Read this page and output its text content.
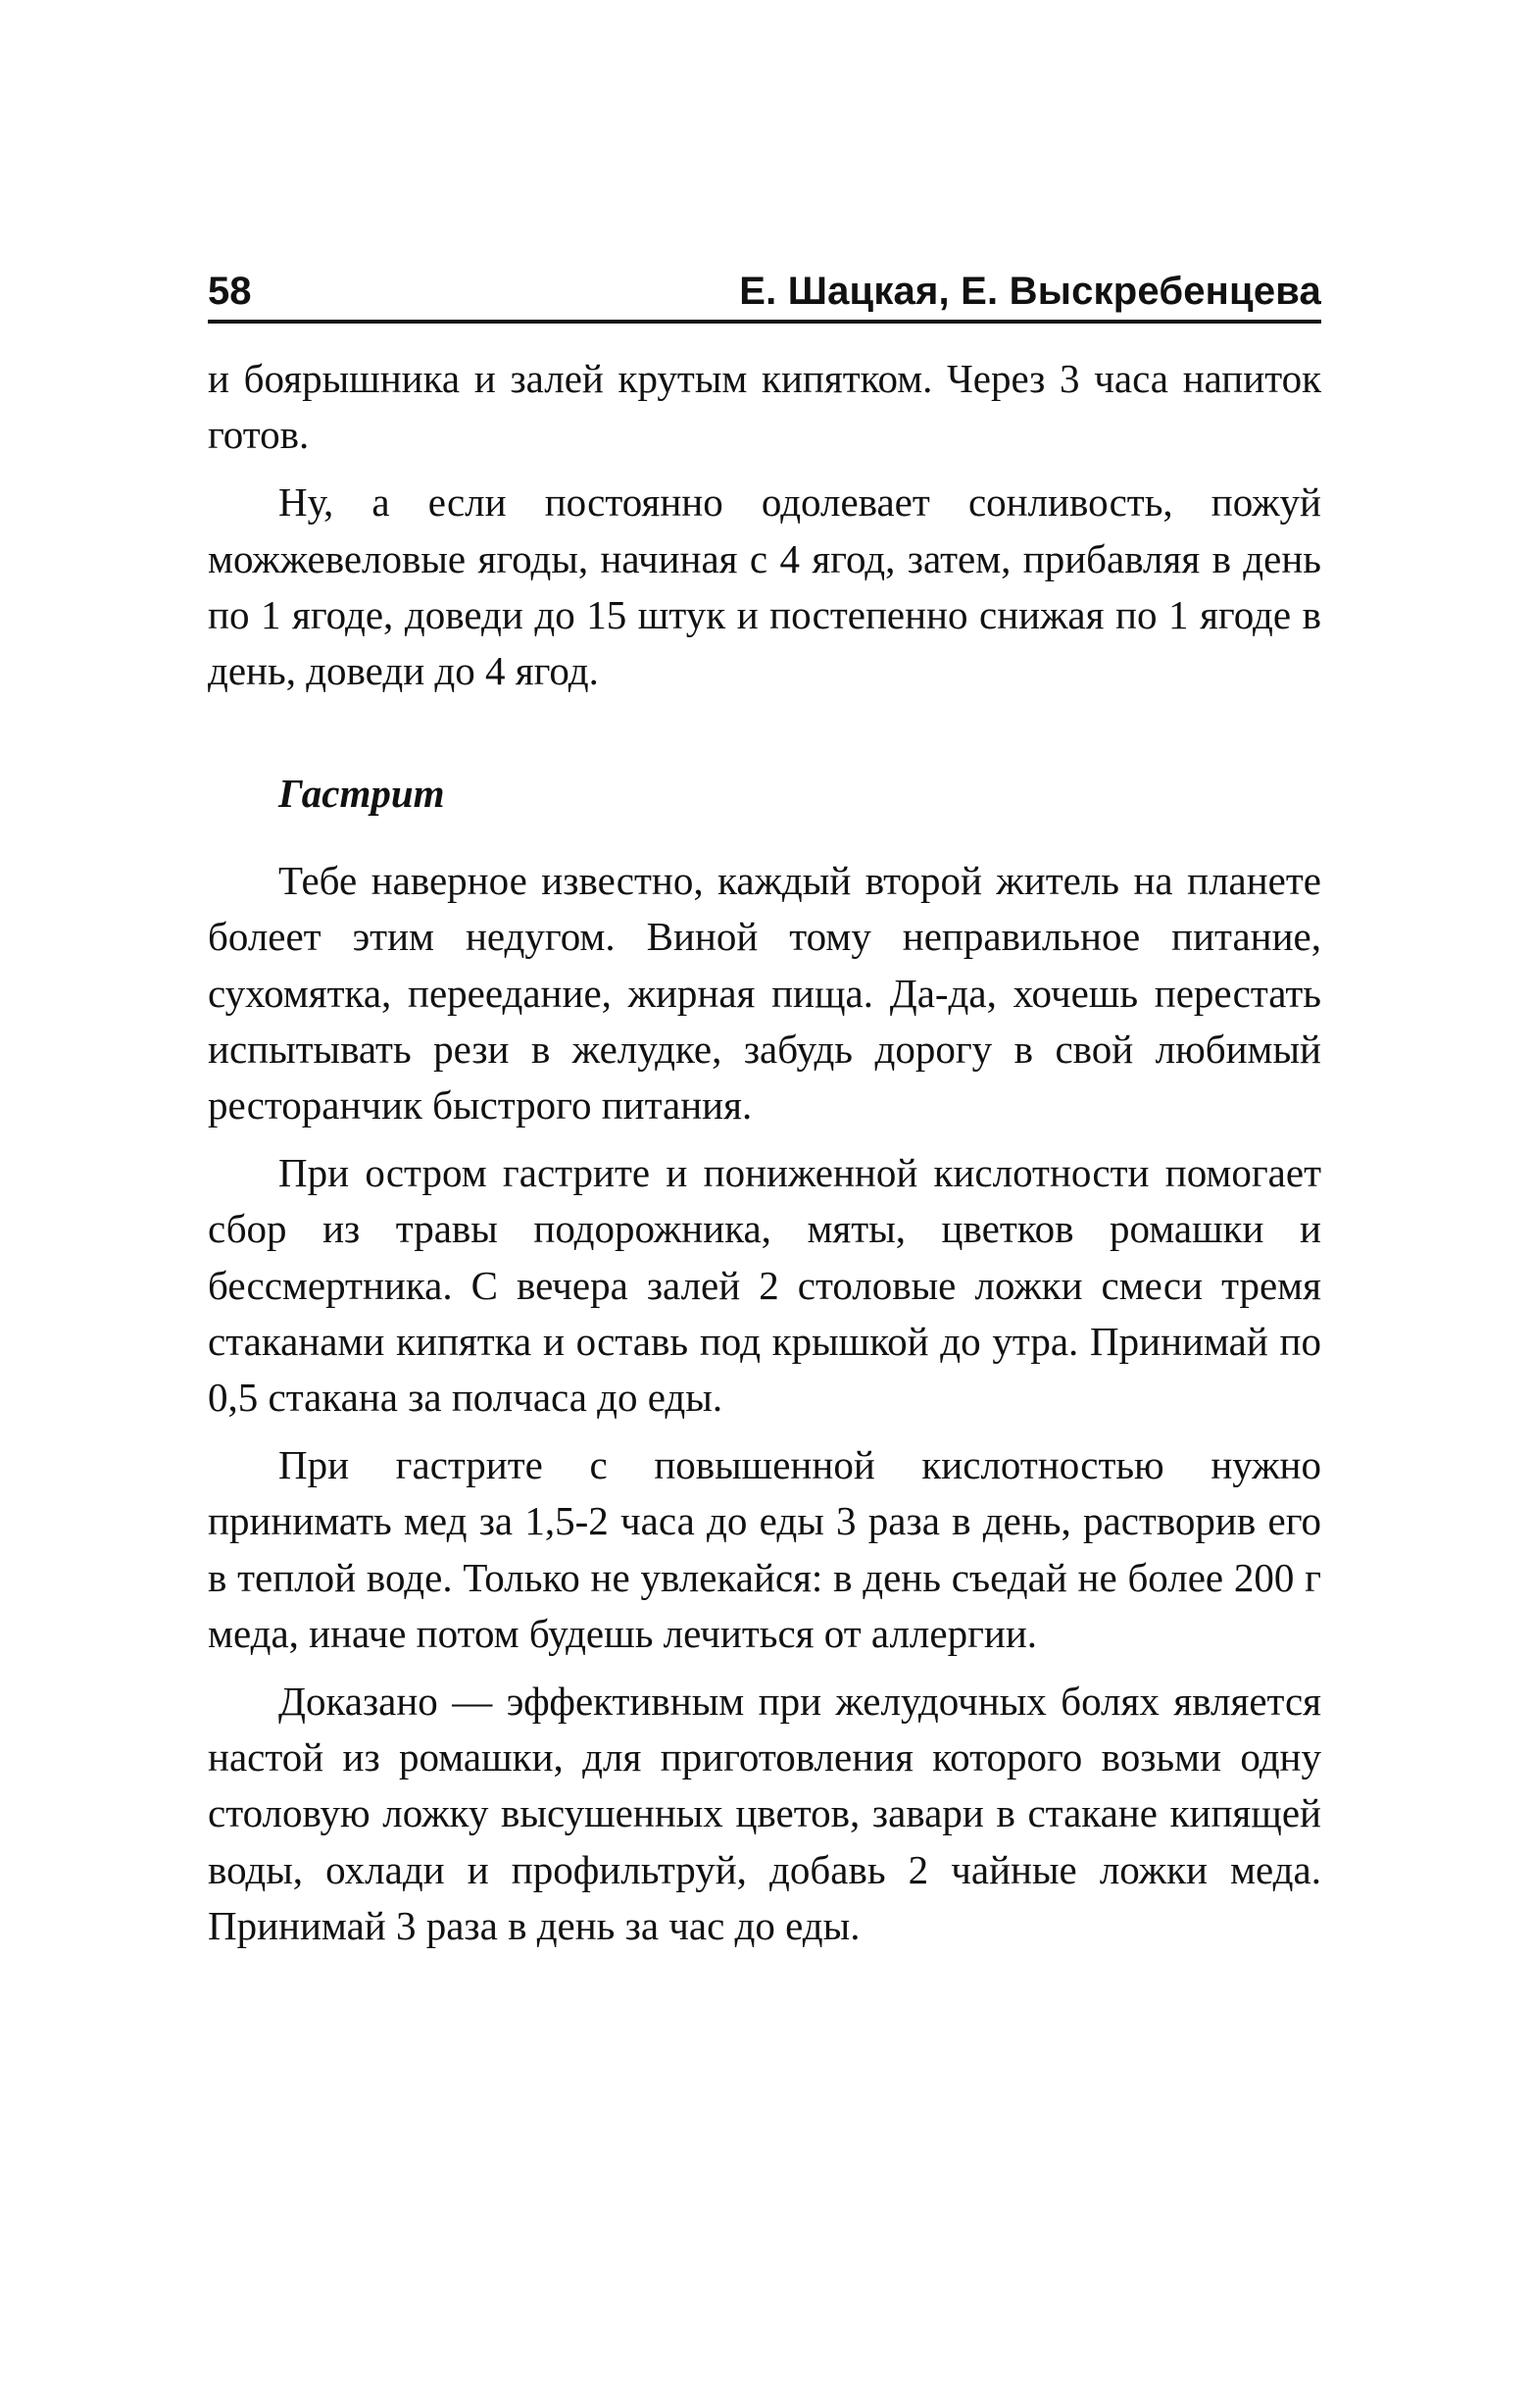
58	Е. Шацкая, Е. Выскребенцева

и боярышника и залей крутым кипятком. Через 3 часа напиток готов.

Ну, а если постоянно одолевает сонливость, пожуй можжевеловые ягоды, начиная с 4 ягод, затем, прибавляя в день по 1 ягоде, доведи до 15 штук и постепенно снижая по 1 ягоде в день, доведи до 4 ягод.

Гастрит

Тебе наверное известно, каждый второй житель на планете болеет этим недугом. Виной тому неправильное питание, сухомятка, переедание, жирная пища. Да-да, хочешь перестать испытывать рези в желудке, забудь дорогу в свой любимый ресторанчик быстрого питания.

При остром гастрите и пониженной кислотности помогает сбор из травы подорожника, мяты, цветков ромашки и бессмертника. С вечера залей 2 столовые ложки смеси тремя стаканами кипятка и оставь под крышкой до утра. Принимай по 0,5 стакана за полчаса до еды.

При гастрите с повышенной кислотностью нужно принимать мед за 1,5-2 часа до еды 3 раза в день, растворив его в теплой воде. Только не увлекайся: в день съедай не более 200 г меда, иначе потом будешь лечиться от аллергии.

Доказано — эффективным при желудочных болях является настой из ромашки, для приготовления которого возьми одну столовую ложку высушенных цветов, завари в стакане кипящей воды, охлади и профильтруй, добавь 2 чайные ложки меда. Принимай 3 раза в день за час до еды.
